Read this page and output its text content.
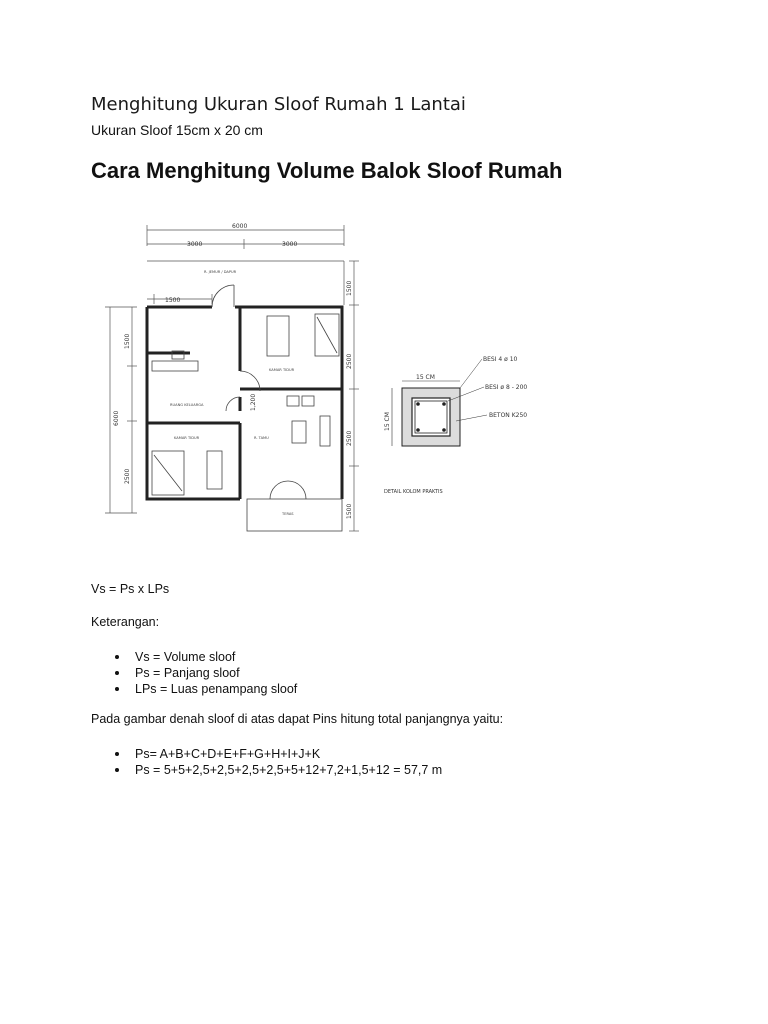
Menghitung Ukuran Sloof Rumah 1 Lantai

Ukuran Sloof 15cm x 20 cm

Cara Menghitung Volume Balok Sloof Rumah
6000
3000	3000
1500
6000
1500
2500
1500
2500
2500
1500
1,200
R. JEMUR / DAPUR
KAMAR TIDUR
RUANG KELUARGA
KAMAR TIDUR	R. TAMU
TERAS
15 CM
15 CM
BESI 4 ø 10
BESI ø 8 - 200
BETON K250
DETAIL KOLOM PRAKTIS

Vs = Ps x LPs

Keterangan:

Vs = Volume sloof
Ps = Panjang sloof
LPs = Luas penampang sloof

Pada gambar denah sloof di atas dapat Pins hitung total panjangnya yaitu:

Ps= A+B+C+D+E+F+G+H+I+J+K
Ps = 5+5+2,5+2,5+2,5+2,5+5+12+7,2+1,5+12 = 57,7 m
